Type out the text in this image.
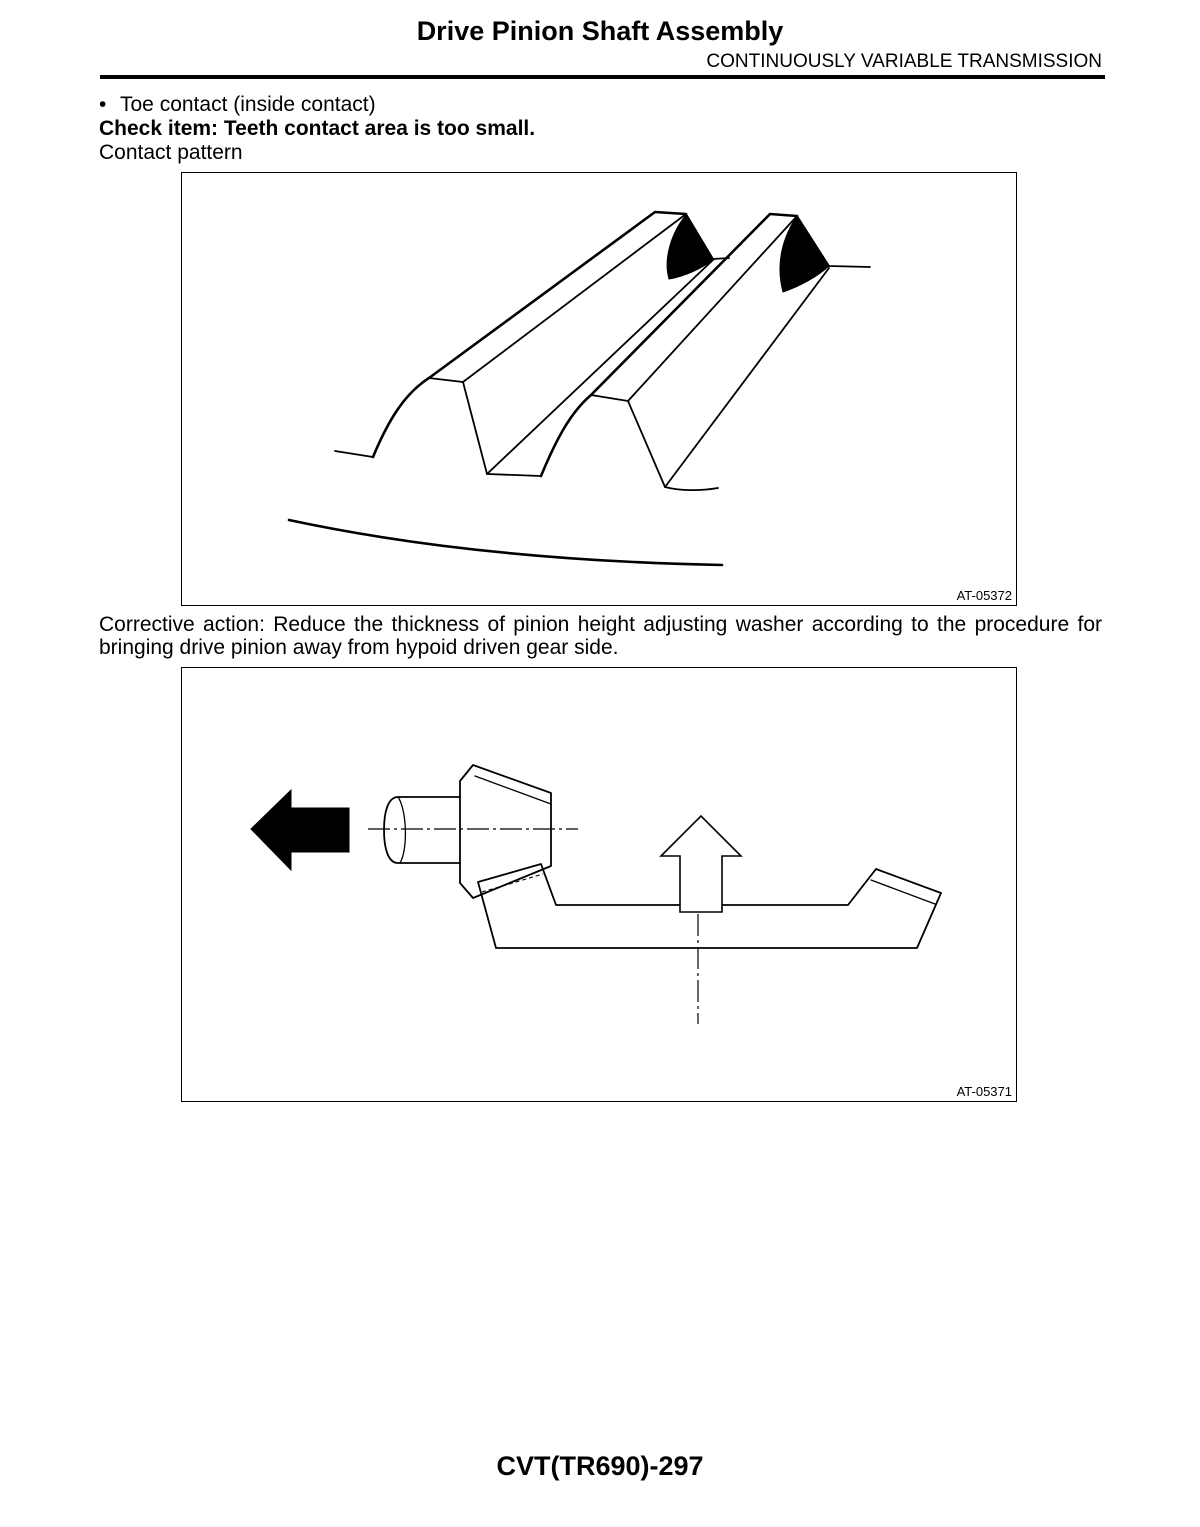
Drive Pinion Shaft Assembly
CONTINUOUSLY VARIABLE TRANSMISSION
• Toe contact (inside contact)
Check item: Teeth contact area is too small.
Contact pattern
AT-05372
Corrective action: Reduce the thickness of pinion height adjusting washer according to the procedure for bringing drive pinion away from hypoid driven gear side.
AT-05371
CVT(TR690)-297
